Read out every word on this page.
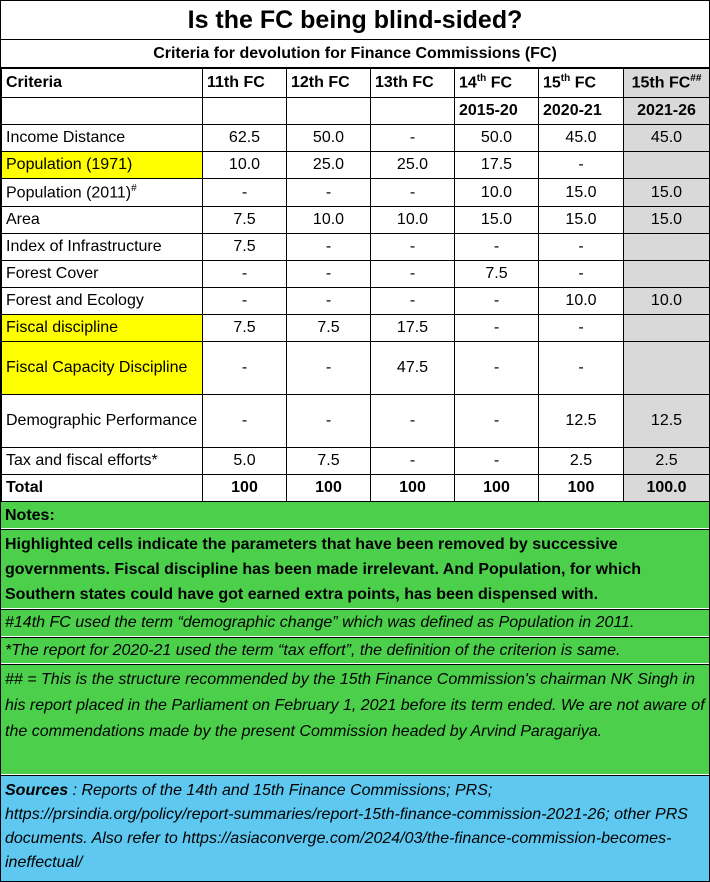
Is the FC being blind-sided?
Criteria for devolution for Finance Commissions (FC)
Criteria	11th FC	12th FC	13th FC	14th FC	15th FC	15th FC##
				2015-20	2020-21	2021-26
Income Distance	62.5	50.0	-	50.0	45.0	45.0
Population (1971)	10.0	25.0	25.0	17.5	-	
Population (2011)#	-	-	-	10.0	15.0	15.0
Area	7.5	10.0	10.0	15.0	15.0	15.0
Index of Infrastructure	7.5	-	-	-	-	
Forest Cover	-	-	-	7.5	-	
Forest and Ecology	-	-	-	-	10.0	10.0
Fiscal discipline	7.5	7.5	17.5	-	-	
Fiscal Capacity Discipline	-	-	47.5	-	-	
Demographic Performance	-	-	-	-	12.5	12.5
Tax and fiscal efforts*	5.0	7.5	-	-	2.5	2.5
Total	100	100	100	100	100	100.0
Notes:
Highlighted cells indicate the parameters that have been removed by successive governments. Fiscal discipline has been made irrelevant. And Population, for which Southern states could have got earned extra points, has been dispensed with.
#14th FC used the term “demographic change” which was defined as Population in 2011.
*The report for 2020-21 used the term “tax effort”, the definition of the criterion is same.
## = This is the structure recommended by the 15th Finance Commission's chairman NK Singh in his report placed in the Parliament on February 1, 2021 before its term ended. We are not aware of the commendations made by the present Commission headed by Arvind Paragariya.
Sources : Reports of the 14th and 15th Finance Commissions; PRS; https://prsindia.org/policy/report-summaries/report-15th-finance-commission-2021-26; other PRS documents. Also refer to https://asiaconverge.com/2024/03/the-finance-commission-becomes-ineffectual/
